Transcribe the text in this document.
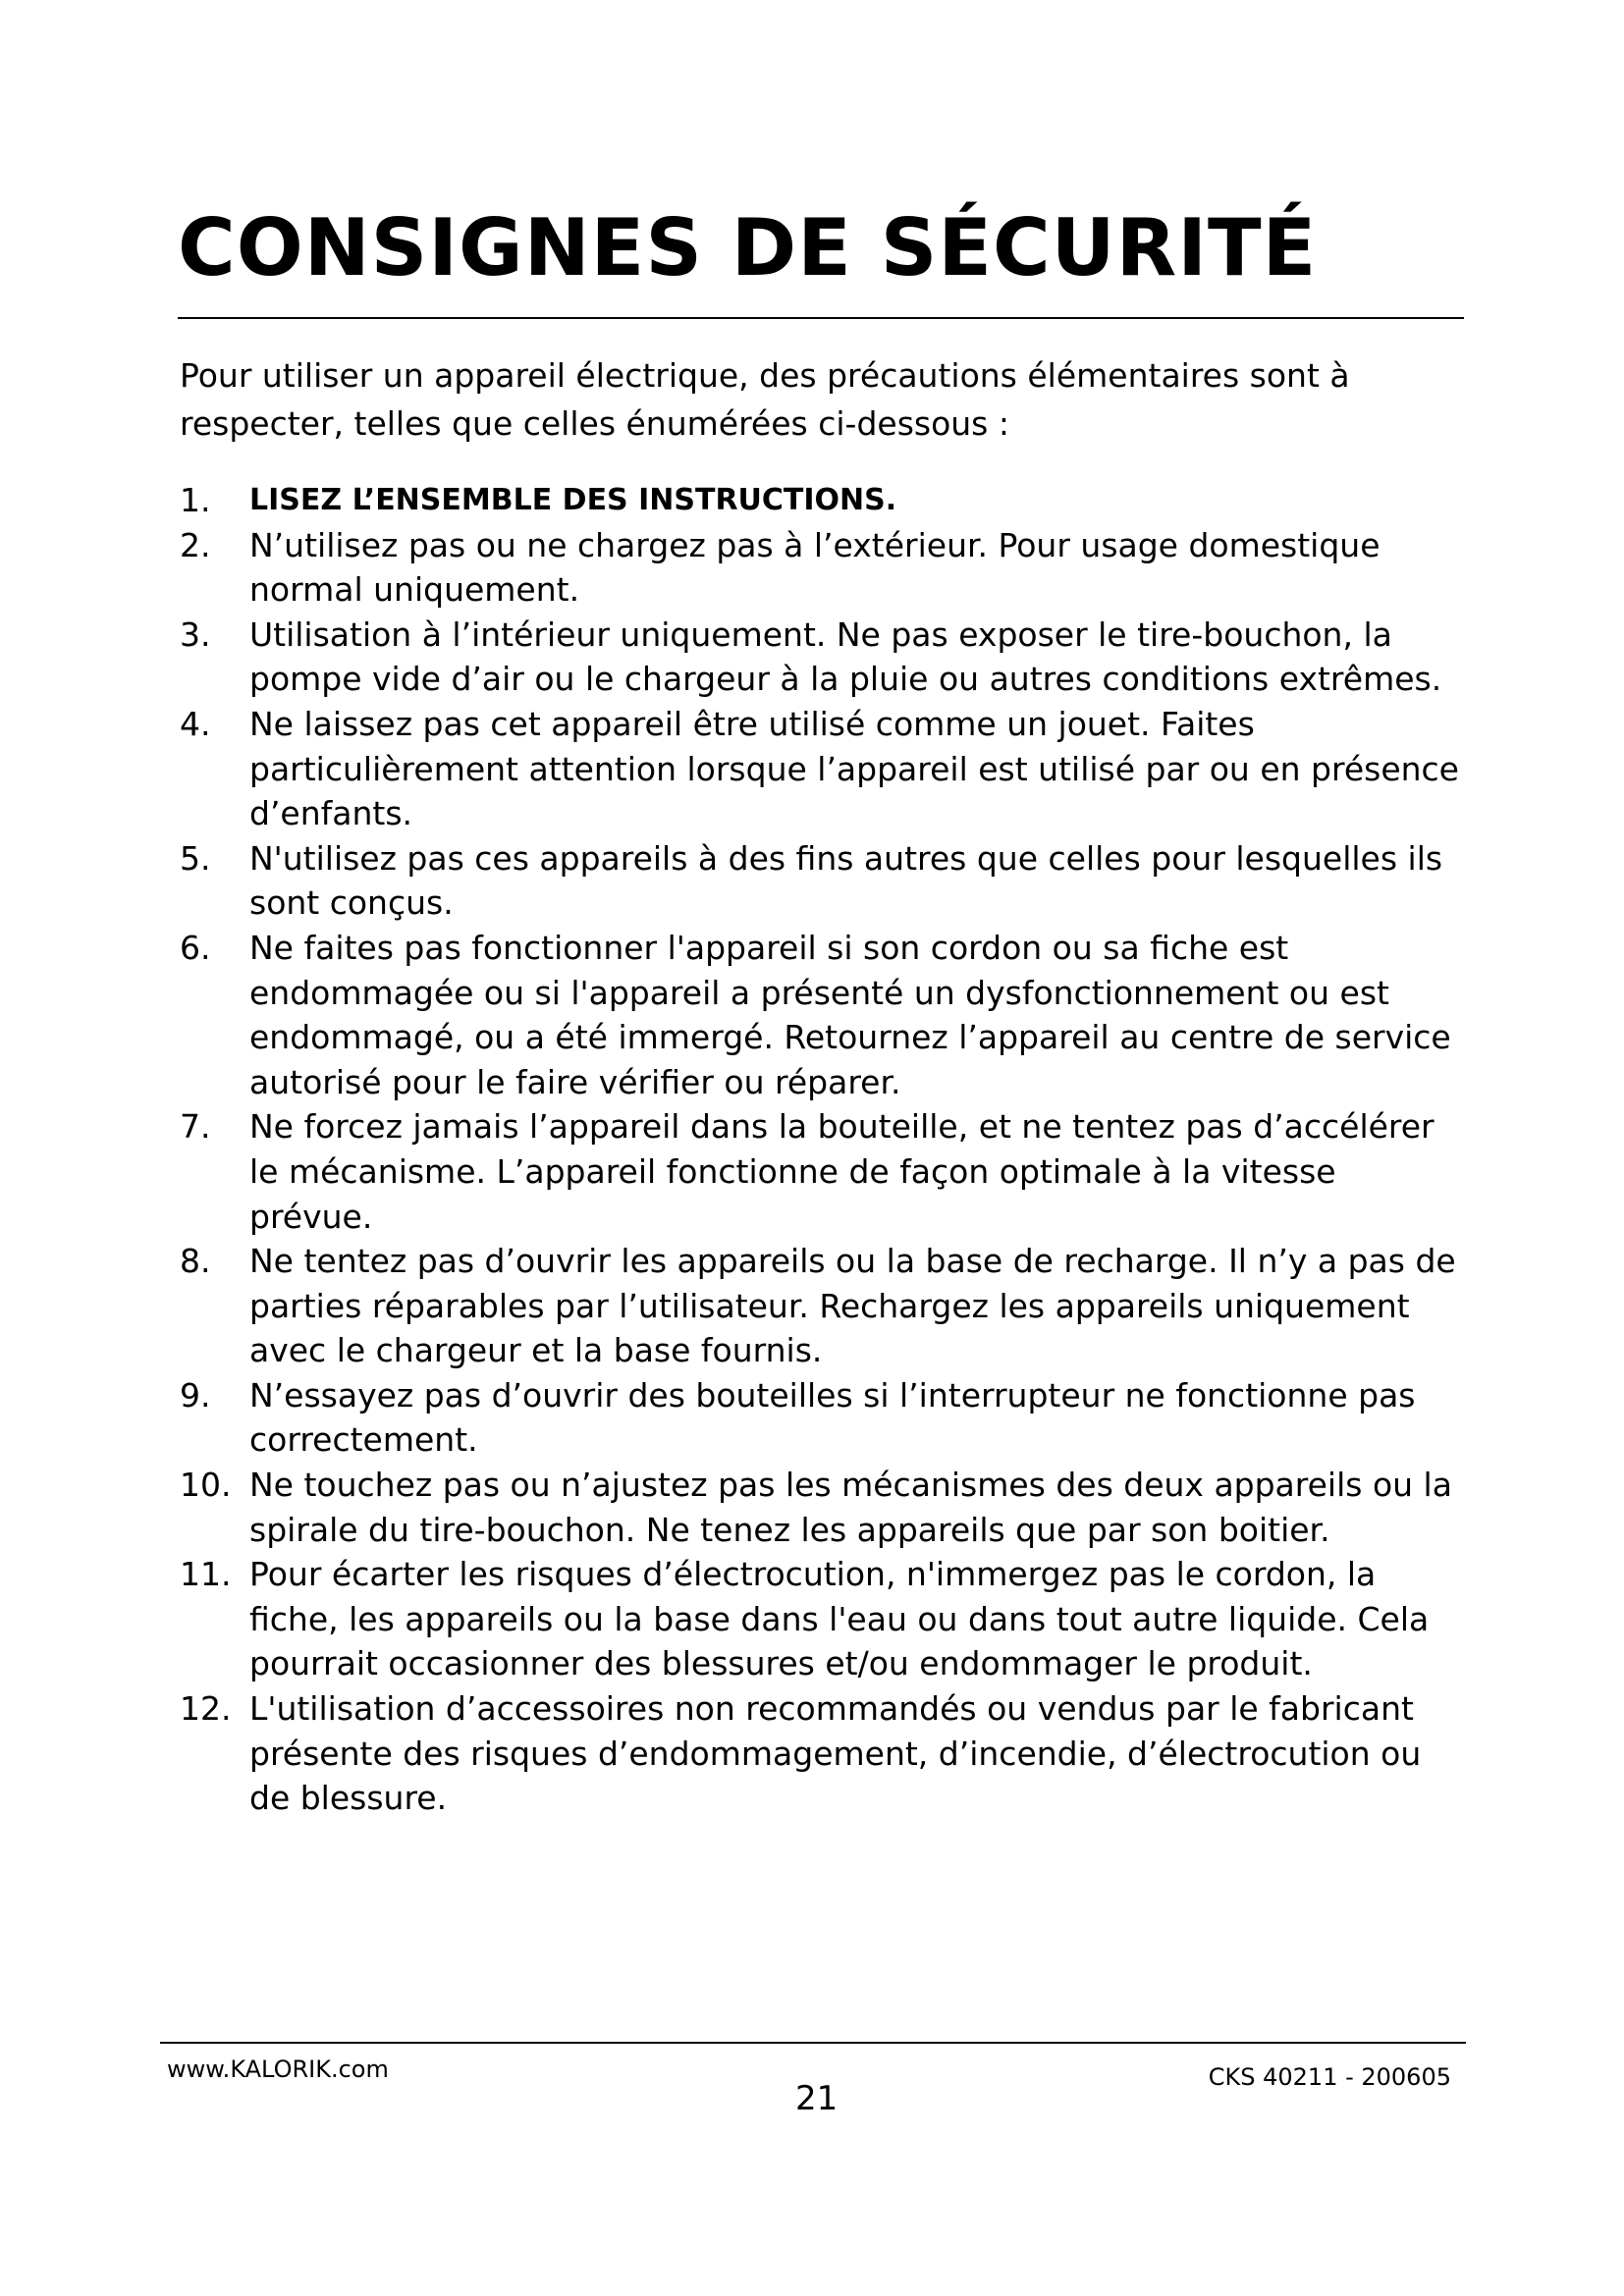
CONSIGNES DE SÉCURITÉ

Pour utiliser un appareil électrique, des précautions élémentaires sont à respecter, telles que celles énumérées ci-dessous :

1. LISEZ L’ENSEMBLE DES INSTRUCTIONS.
2. N’utilisez pas ou ne chargez pas à l’extérieur. Pour usage domestique normal uniquement.
3. Utilisation à l’intérieur uniquement. Ne pas exposer le tire-bouchon, la pompe vide d’air ou le chargeur à la pluie ou autres conditions extrêmes.
4. Ne laissez pas cet appareil être utilisé comme un jouet. Faites particulièrement attention lorsque l’appareil est utilisé par ou en présence d’enfants.
5. N'utilisez pas ces appareils à des fins autres que celles pour lesquelles ils sont conçus.
6. Ne faites pas fonctionner l'appareil si son cordon ou sa fiche est endommagée ou si l'appareil a présenté un dysfonctionnement ou est endommagé, ou a été immergé. Retournez l’appareil au centre de service autorisé pour le faire vérifier ou réparer.
7. Ne forcez jamais l’appareil dans la bouteille, et ne tentez pas d’accélérer le mécanisme. L’appareil fonctionne de façon optimale à la vitesse prévue.
8. Ne tentez pas d’ouvrir les appareils ou la base de recharge. Il n’y a pas de parties réparables par l’utilisateur. Rechargez les appareils uniquement avec le chargeur et la base fournis.
9. N’essayez pas d’ouvrir des bouteilles si l’interrupteur ne fonctionne pas correctement.
10. Ne touchez pas ou n’ajustez pas les mécanismes des deux appareils ou la spirale du tire-bouchon. Ne tenez les appareils que par son boitier.
11. Pour écarter les risques d’électrocution, n'immergez pas le cordon, la fiche, les appareils ou la base dans l'eau ou dans tout autre liquide. Cela pourrait occasionner des blessures et/ou endommager le produit.
12. L'utilisation d’accessoires non recommandés ou vendus par le fabricant présente des risques d’endommagement, d’incendie, d’électrocution ou de blessure.
www.KALORIK.com
21
CKS 40211 - 200605
